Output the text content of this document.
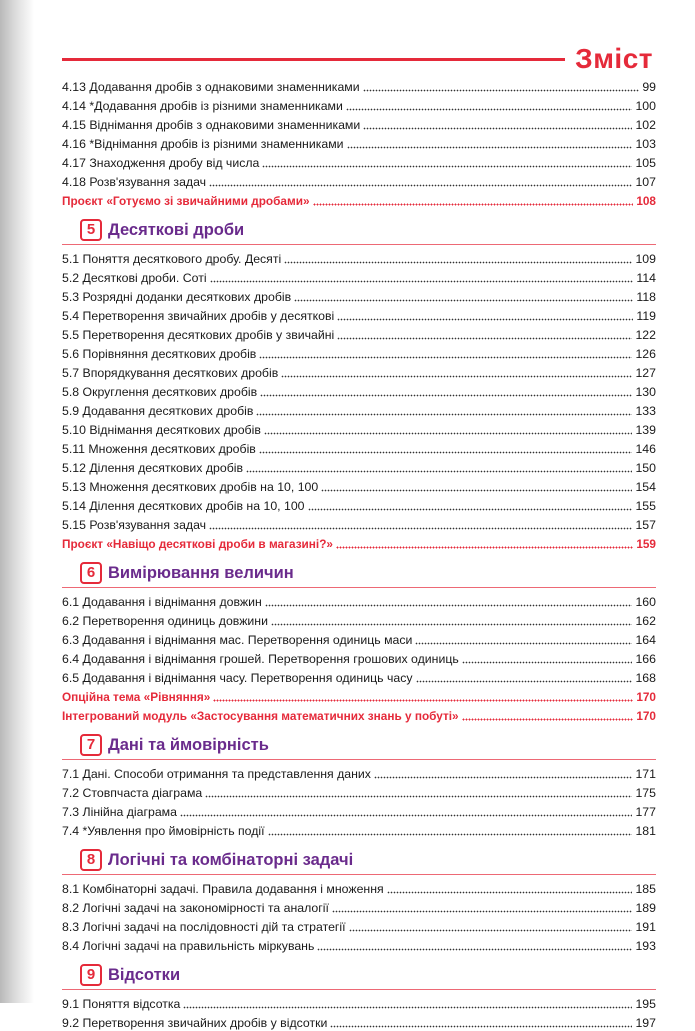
Зміст
4.13 Додавання дробів з однаковими знаменниками	99
4.14 *Додавання дробів із різними знаменниками	100
4.15 Віднімання дробів з однаковими знаменниками	102
4.16 *Віднімання дробів із різними знаменниками	103
4.17 Знаходження дробу від числа	105
4.18 Розв'язування задач	107
Проєкт «Готуємо зі звичайними дробами»	108
5 Десяткові дроби
5.1 Поняття десяткового дробу. Десяті	109
5.2 Десяткові дроби. Соті	114
5.3 Розрядні доданки десяткових дробів	118
5.4 Перетворення звичайних дробів у десяткові	119
5.5 Перетворення десяткових дробів у звичайні	122
5.6 Порівняння десяткових дробів	126
5.7 Впорядкування десяткових дробів	127
5.8 Округлення десяткових дробів	130
5.9 Додавання десяткових дробів	133
5.10 Віднімання десяткових дробів	139
5.11 Множення десяткових дробів	146
5.12 Ділення десяткових дробів	150
5.13 Множення десяткових дробів на 10, 100	154
5.14 Ділення десяткових дробів на 10, 100	155
5.15 Розв'язування задач	157
Проєкт «Навіщо десяткові дроби в магазині?»	159
6 Вимірювання величин
6.1 Додавання і віднімання довжин	160
6.2 Перетворення одиниць довжини	162
6.3 Додавання і віднімання мас. Перетворення одиниць маси	164
6.4 Додавання і віднімання грошей. Перетворення грошових одиниць	166
6.5 Додавання і віднімання часу. Перетворення одиниць часу	168
Опційна тема «Рівняння»	170
Інтегрований модуль «Застосування математичних знань у побуті»	170
7 Дані та ймовірність
7.1 Дані. Способи отримання та представлення даних	171
7.2 Стовпчаста діаграма	175
7.3 Лінійна діаграма	177
7.4 *Уявлення про ймовірність події	181
8 Логічні та комбінаторні задачі
8.1 Комбінаторні задачі. Правила додавання і множення	185
8.2 Логічні задачі на закономірності та аналогії	189
8.3 Логічні задачі на послідовності дій та стратегії	191
8.4 Логічні задачі на правильність міркувань	193
9 Відсотки
9.1 Поняття відсотка	195
9.2 Перетворення звичайних дробів у відсотки	197
